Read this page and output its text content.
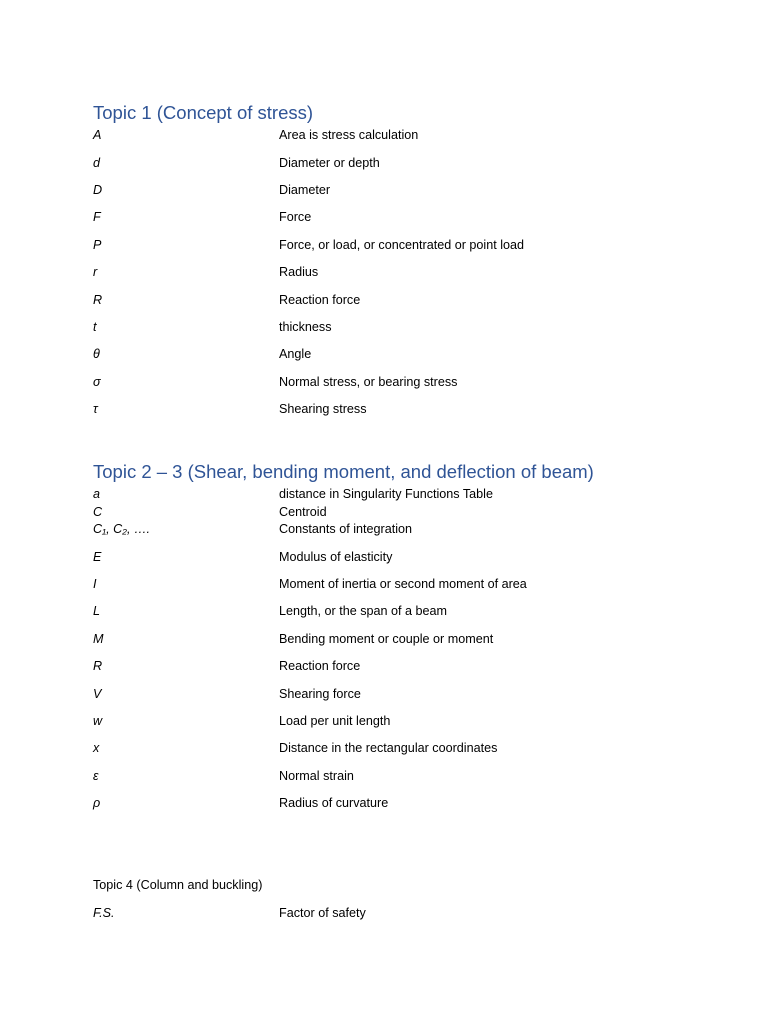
Topic 1 (Concept of stress)
A	Area is stress calculation
d	Diameter or depth
D	Diameter
F	Force
P	Force, or load, or concentrated or point load
r	Radius
R	Reaction force
t	thickness
θ	Angle
σ	Normal stress, or bearing stress
τ	Shearing stress
Topic 2 – 3 (Shear, bending moment, and deflection of beam)
a	distance in Singularity Functions Table
C	Centroid
C₁, C₂, ….	Constants of integration
E	Modulus of elasticity
I	Moment of inertia or second moment of area
L	Length, or the span of a beam
M	Bending moment or couple or moment
R	Reaction force
V	Shearing force
w	Load per unit length
x	Distance in the rectangular coordinates
ε	Normal strain
ρ	Radius of curvature
Topic 4 (Column and buckling)
F.S.	Factor of safety
